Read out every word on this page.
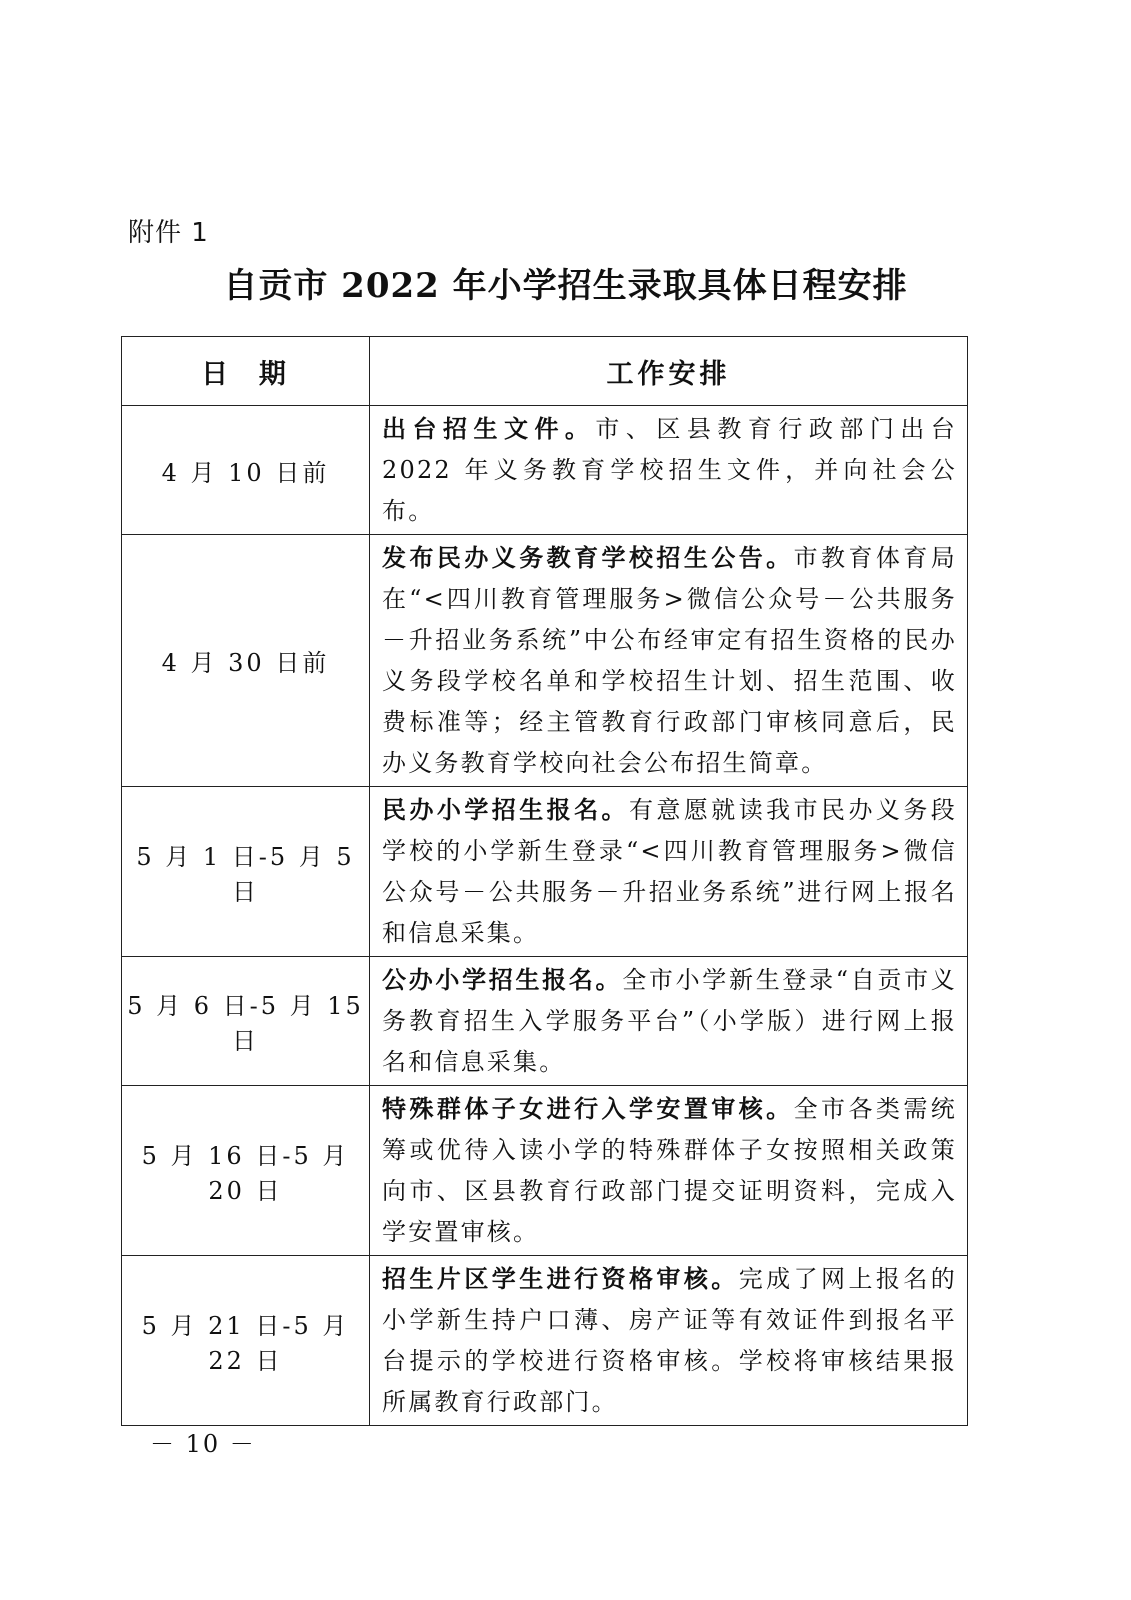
附件 1
自贡市 2022 年小学招生录取具体日程安排
日  期	工作安排
4 月 10 日前	出台招生文件。市、区县教育行政部门出台 2022 年义务教育学校招生文件，并向社会公布。
4 月 30 日前	发布民办义务教育学校招生公告。市教育体育局在“<四川教育管理服务>微信公众号－公共服务－升招业务系统”中公布经审定有招生资格的民办义务段学校名单和学校招生计划、招生范围、收费标准等；经主管教育行政部门审核同意后，民办义务教育学校向社会公布招生简章。
5 月 1 日-5 月 5 日	民办小学招生报名。有意愿就读我市民办义务段学校的小学新生登录“<四川教育管理服务>微信公众号－公共服务－升招业务系统”进行网上报名和信息采集。
5 月 6 日-5 月 15 日	公办小学招生报名。全市小学新生登录“自贡市义务教育招生入学服务平台”（小学版）进行网上报名和信息采集。
5 月 16 日-5 月 20 日	特殊群体子女进行入学安置审核。全市各类需统筹或优待入读小学的特殊群体子女按照相关政策向市、区县教育行政部门提交证明资料，完成入学安置审核。
5 月 21 日-5 月 22 日	招生片区学生进行资格审核。完成了网上报名的小学新生持户口薄、房产证等有效证件到报名平台提示的学校进行资格审核。学校将审核结果报所属教育行政部门。
－ 10 －
